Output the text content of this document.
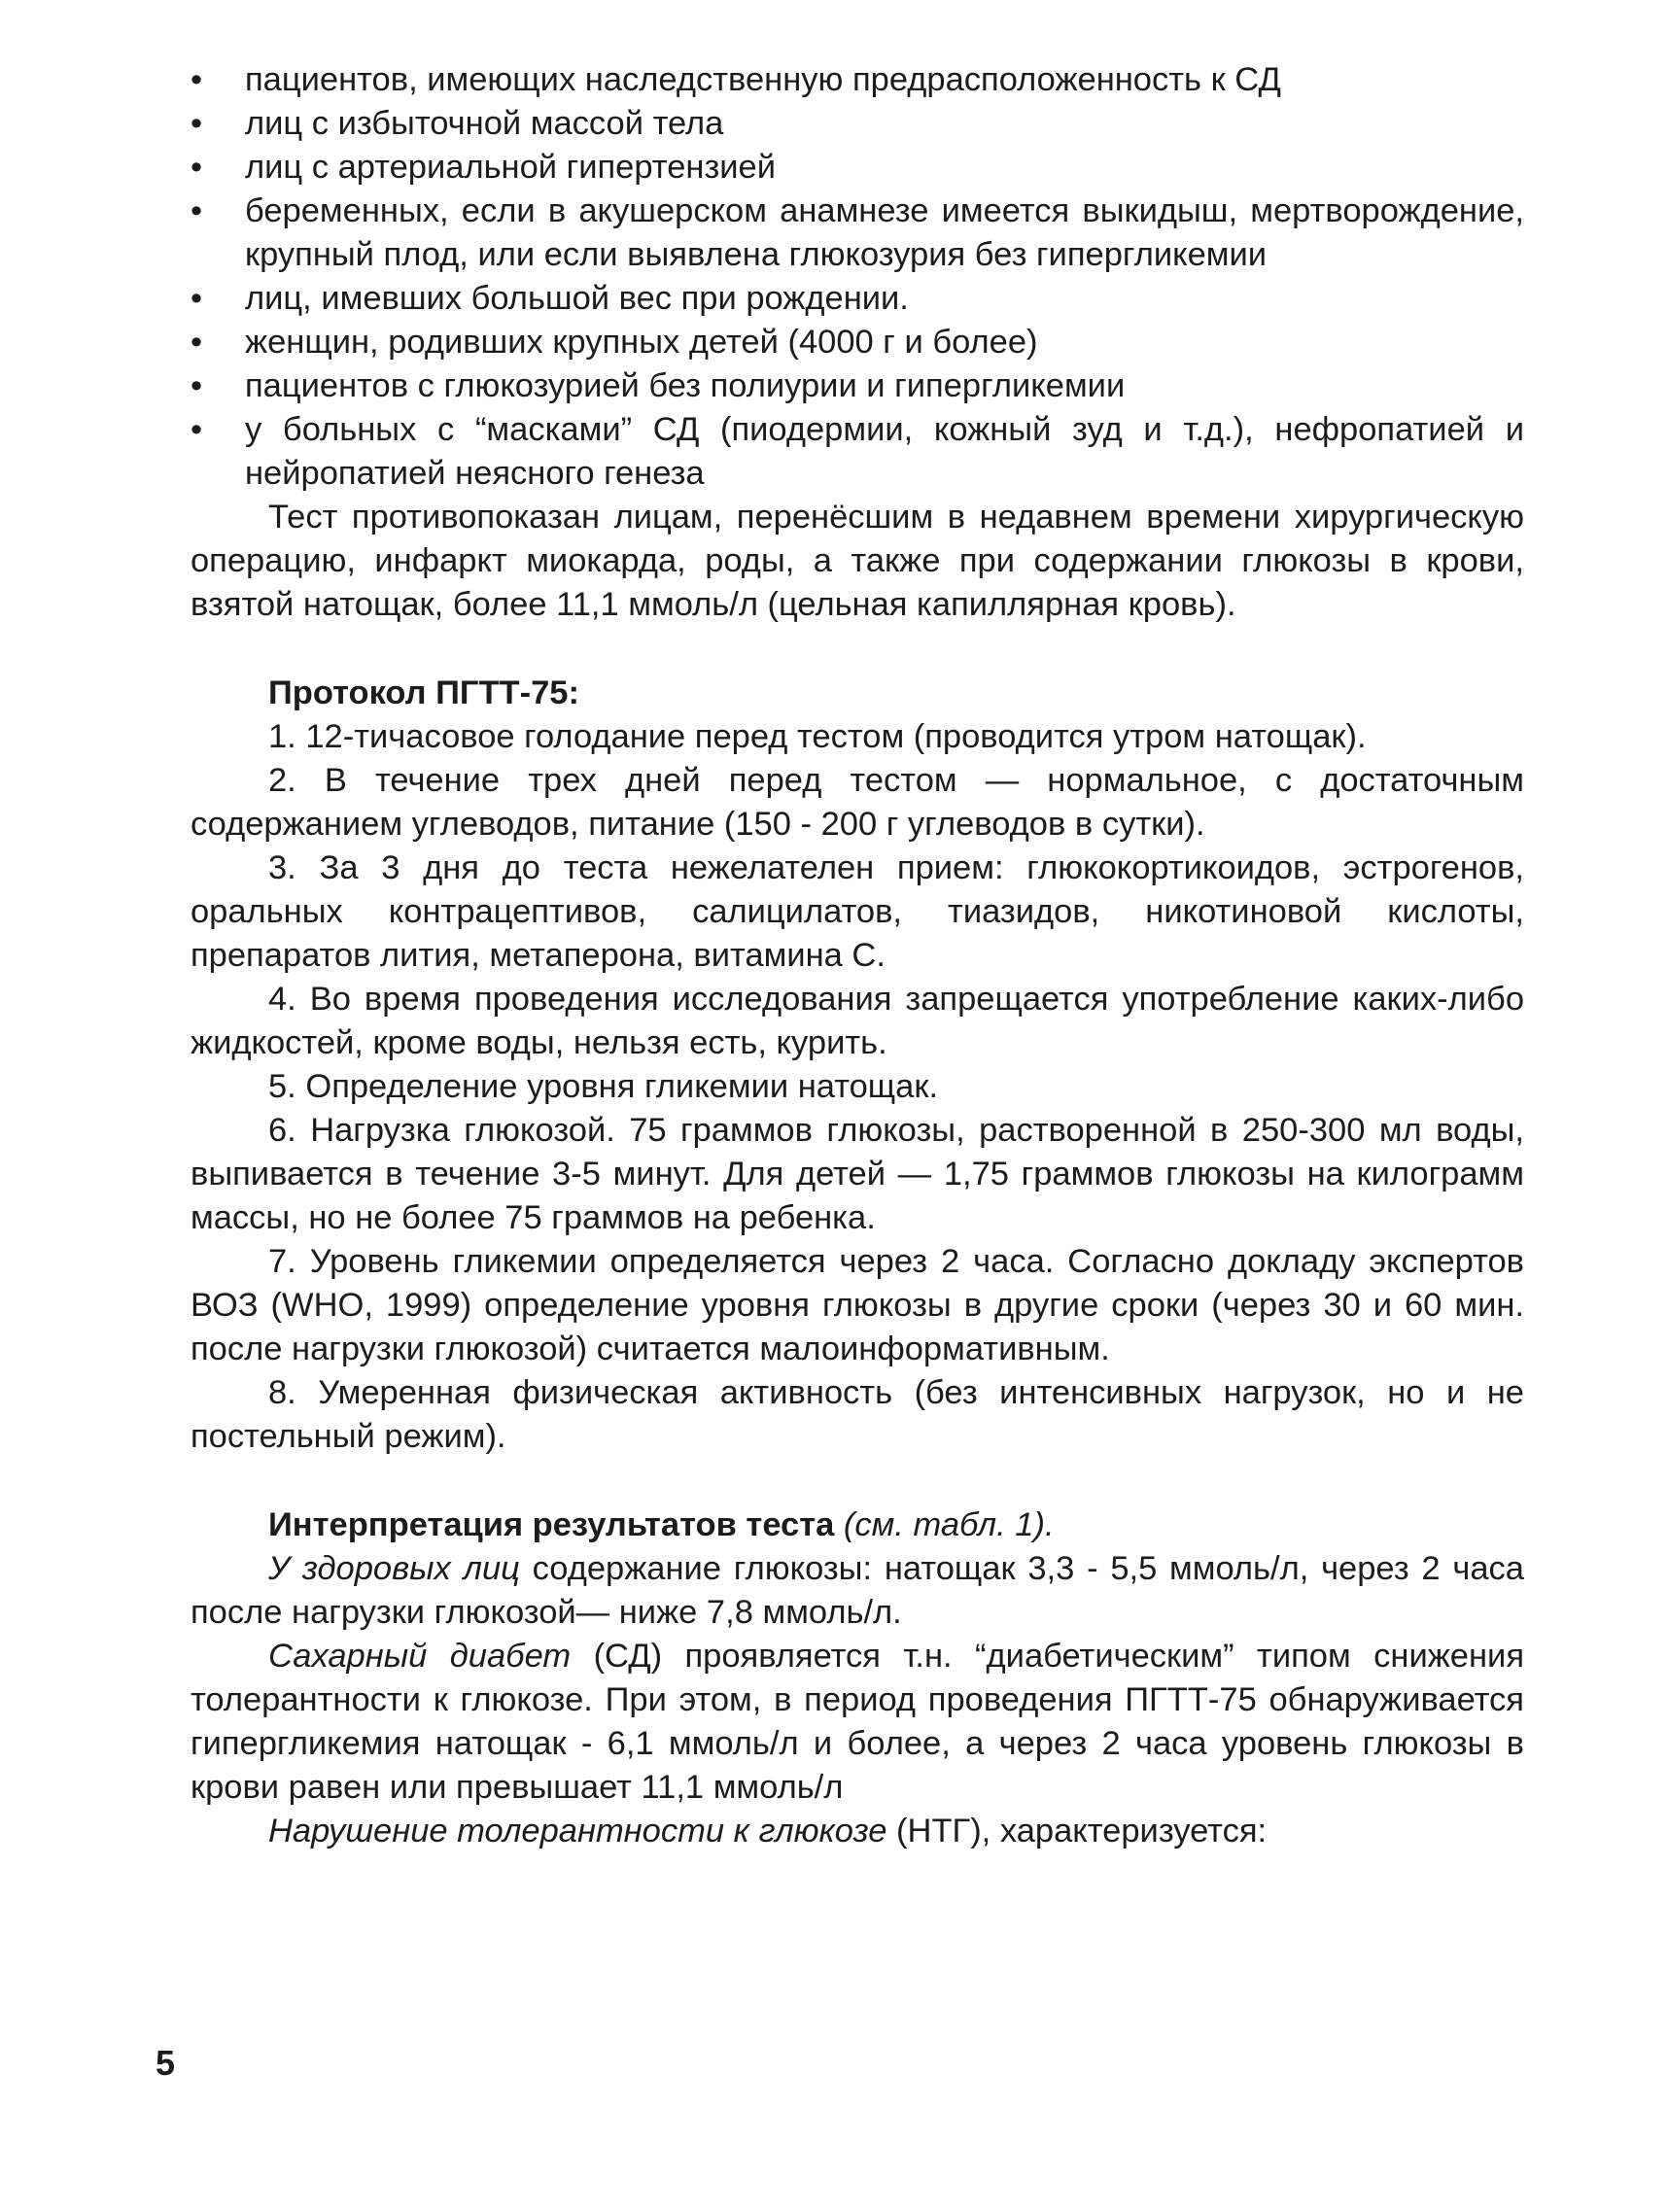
• пациентов, имеющих наследственную предрасположенность к СД
• лиц с избыточной массой тела
• лиц с артериальной гипертензией
• беременных, если в акушерском анамнезе имеется выкидыш, мертворождение, крупный плод, или если выявлена глюкозурия без гипергликемии
• лиц, имевших большой вес при рождении.
• женщин, родивших крупных детей (4000 г и более)
• пациентов с глюкозурией без полиурии и гипергликемии
• у больных с “масками” СД (пиодермии, кожный зуд и т.д.), нефропатией и нейропатией неясного генеза

Тест противопоказан лицам, перенёсшим в недавнем времени хирургическую операцию, инфаркт миокарда, роды, а также при содержании глюкозы в крови, взятой натощак, более 11,1 ммоль/л (цельная капиллярная кровь).

Протокол ПГТТ-75:

1. 12-тичасовое голодание перед тестом (проводится утром натощак).

2. В течение трех дней перед тестом — нормальное, с достаточным содержанием углеводов, питание (150 - 200 г углеводов в сутки).

3. За 3 дня до теста нежелателен прием: глюкокортикоидов, эстрогенов, оральных контрацептивов, салицилатов, тиазидов, никотиновой кислоты, препаратов лития, метаперона, витамина С.

4. Во время проведения исследования запрещается употребление каких-либо жидкостей, кроме воды, нельзя есть, курить.

5. Определение уровня гликемии натощак.

6. Нагрузка глюкозой. 75 граммов глюкозы, растворенной в 250-300 мл воды, выпивается в течение 3-5 минут. Для детей — 1,75 граммов глюкозы на килограмм массы, но не более 75 граммов на ребенка.

7. Уровень гликемии определяется через 2 часа. Согласно докладу экспертов ВОЗ (WHO, 1999) определение уровня глюкозы в другие сроки (через 30 и 60 мин. после нагрузки глюкозой) считается малоинформативным.

8. Умеренная физическая активность (без интенсивных нагрузок, но и не постельный режим).

Интерпретация результатов теста (см. табл. 1).

У здоровых лиц содержание глюкозы: натощак 3,3 - 5,5 ммоль/л, через 2 часа после нагрузки глюкозой— ниже 7,8 ммоль/л.

Сахарный диабет (СД) проявляется т.н. “диабетическим” типом снижения толерантности к глюкозе. При этом, в период проведения ПГТТ-75 обнаруживается гипергликемия натощак - 6,1 ммоль/л и более, а через 2 часа уровень глюкозы в крови равен или превышает 11,1 ммоль/л

Нарушение толерантности к глюкозе (НТГ), характеризуется:

5
